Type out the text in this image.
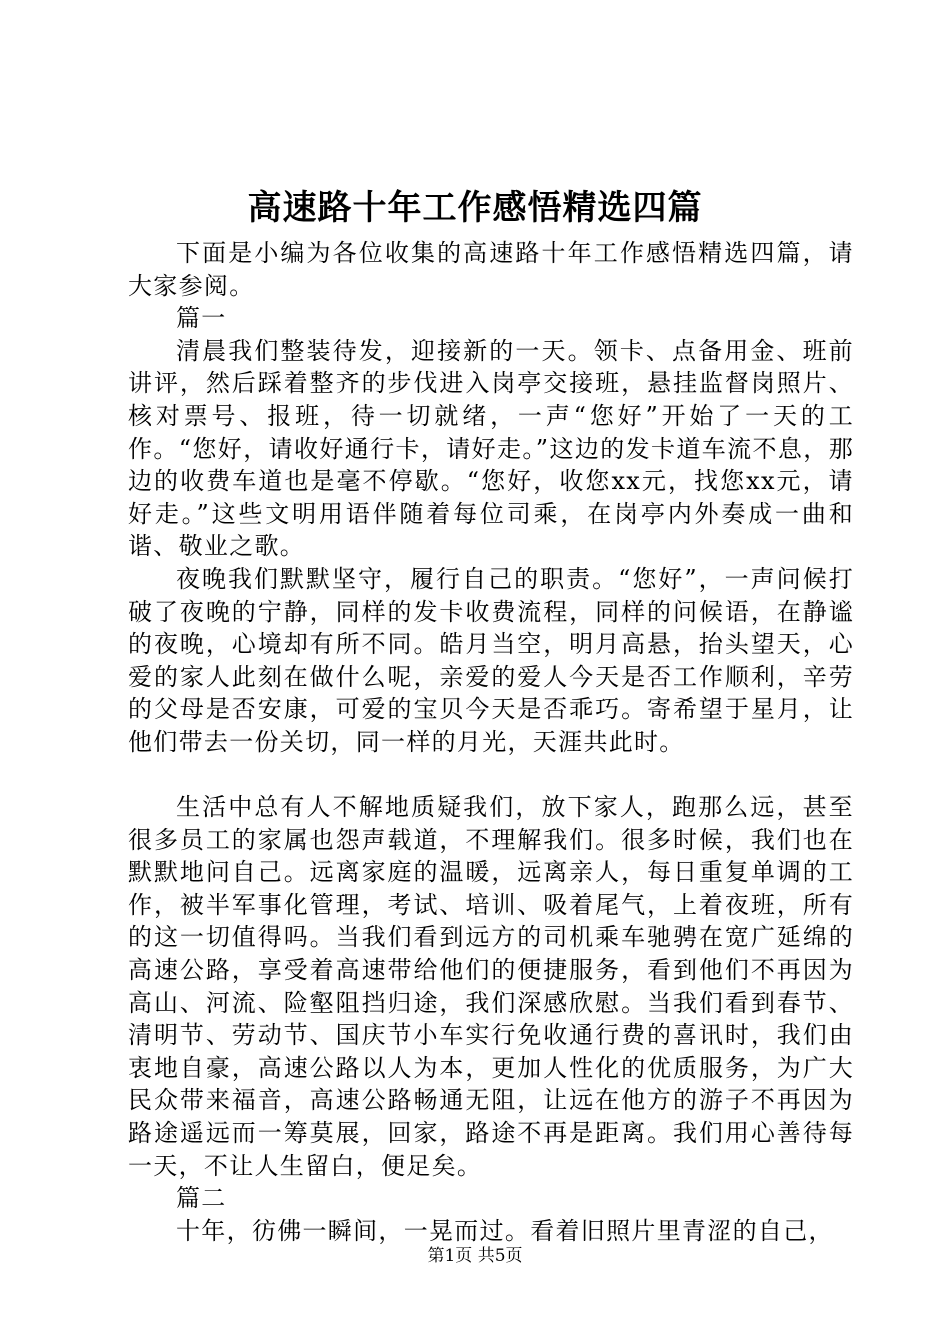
高速路十年工作感悟精选四篇

下面是小编为各位收集的高速路十年工作感悟精选四篇，请大家参阅。

篇一

清晨我们整装待发，迎接新的一天。领卡、点备用金、班前讲评，然后踩着整齐的步伐进入岗亭交接班，悬挂监督岗照片、核对票号、报班，待一切就绪，一声“您好”开始了一天的工作。“您好，请收好通行卡，请好走。”这边的发卡道车流不息，那边的收费车道也是毫不停歇。“您好，收您xx元，找您xx元，请好走。”这些文明用语伴随着每位司乘，在岗亭内外奏成一曲和谐、敬业之歌。

夜晚我们默默坚守，履行自己的职责。“您好”，一声问候打破了夜晚的宁静，同样的发卡收费流程，同样的问候语，在静谧的夜晚，心境却有所不同。皓月当空，明月高悬，抬头望天，心爱的家人此刻在做什么呢，亲爱的爱人今天是否工作顺利，辛劳的父母是否安康，可爱的宝贝今天是否乖巧。寄希望于星月，让他们带去一份关切，同一样的月光，天涯共此时。

生活中总有人不解地质疑我们，放下家人，跑那么远，甚至很多员工的家属也怨声载道，不理解我们。很多时候，我们也在默默地问自己。远离家庭的温暖，远离亲人，每日重复单调的工作，被半军事化管理，考试、培训、吸着尾气，上着夜班，所有的这一切值得吗。当我们看到远方的司机乘车驰骋在宽广延绵的高速公路，享受着高速带给他们的便捷服务，看到他们不再因为高山、河流、险壑阻挡归途，我们深感欣慰。当我们看到春节、清明节、劳动节、国庆节小车实行免收通行费的喜讯时，我们由衷地自豪，高速公路以人为本，更加人性化的优质服务，为广大民众带来福音，高速公路畅通无阻，让远在他方的游子不再因为路途遥远而一筹莫展，回家，路途不再是距离。我们用心善待每一天，不让人生留白，便足矣。

篇二

十年，彷佛一瞬间，一晃而过。看着旧照片里青涩的自己，

第1页 共5页
